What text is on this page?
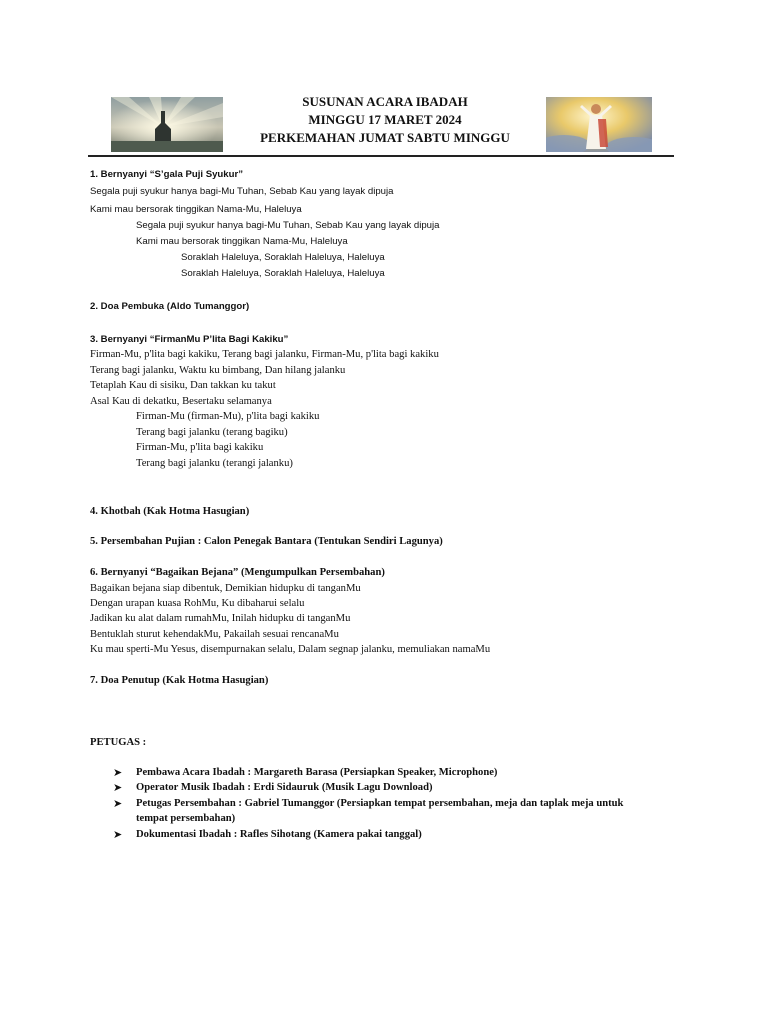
SUSUNAN ACARA IBADAH
MINGGU 17 MARET 2024
PERKEMAHAN JUMAT SABTU MINGGU
1. Bernyanyi “S’gala Puji Syukur”
Segala puji syukur hanya bagi-Mu Tuhan, Sebab Kau yang layak dipuja
Kami mau bersorak tinggikan Nama-Mu, Haleluya
Segala puji syukur hanya bagi-Mu Tuhan, Sebab Kau yang layak dipuja
Kami mau bersorak tinggikan Nama-Mu, Haleluya
Soraklah Haleluya, Soraklah Haleluya, Haleluya
Soraklah Haleluya, Soraklah Haleluya, Haleluya
2. Doa Pembuka (Aldo Tumanggor)
3. Bernyanyi “FirmanMu P’lita Bagi Kakiku”
Firman-Mu, p'lita bagi kakiku, Terang bagi jalanku, Firman-Mu, p'lita bagi kakiku
Terang bagi jalanku, Waktu ku bimbang, Dan hilang jalanku
Tetaplah Kau di sisiku, Dan takkan ku takut
Asal Kau di dekatku, Besertaku selamanya
Firman-Mu (firman-Mu), p'lita bagi kakiku
Terang bagi jalanku (terang bagiku)
Firman-Mu, p'lita bagi kakiku
Terang bagi jalanku (terangi jalanku)
4. Khotbah (Kak Hotma Hasugian)
5. Persembahan Pujian : Calon Penegak Bantara (Tentukan Sendiri Lagunya)
6. Bernyanyi “Bagaikan Bejana” (Mengumpulkan Persembahan)
Bagaikan bejana siap dibentuk, Demikian hidupku di tanganMu
Dengan urapan kuasa RohMu, Ku dibaharui selalu
Jadikan ku alat dalam rumahMu, Inilah hidupku di tanganMu
Bentuklah sturut kehendakMu, Pakailah sesuai rencanaMu
Ku mau sperti-Mu Yesus, disempurnakan selalu, Dalam segnap jalanku, memuliakan namaMu
7. Doa Penutup (Kak Hotma Hasugian)
PETUGAS :
➤ Pembawa Acara Ibadah : Margareth Barasa (Persiapkan Speaker, Microphone)
➤ Operator Musik Ibadah : Erdi Sidauruk (Musik Lagu Download)
➤ Petugas Persembahan : Gabriel Tumanggor (Persiapkan tempat persembahan, meja dan taplak meja untuk
tempat persembahan)
➤ Dokumentasi Ibadah : Rafles Sihotang (Kamera pakai tanggal)
